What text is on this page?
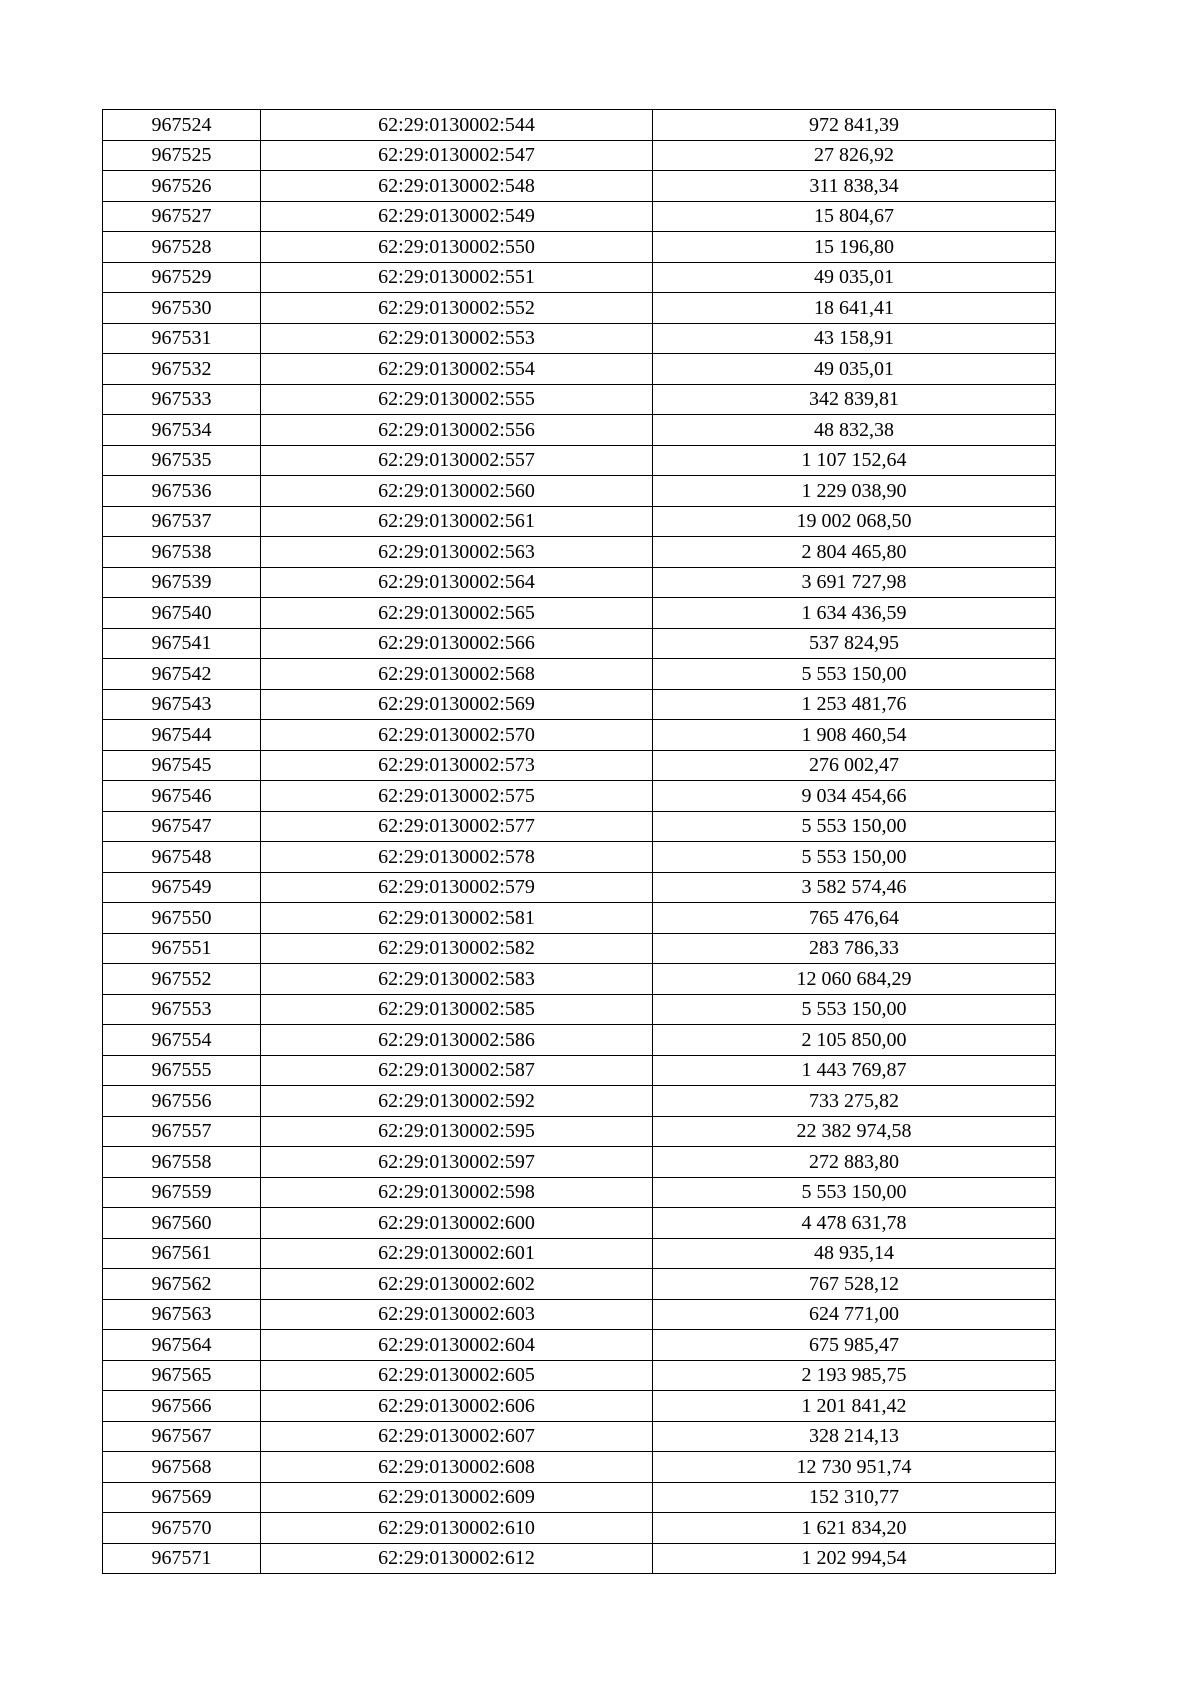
967524	62:29:0130002:544	972 841,39
967525	62:29:0130002:547	27 826,92
967526	62:29:0130002:548	311 838,34
967527	62:29:0130002:549	15 804,67
967528	62:29:0130002:550	15 196,80
967529	62:29:0130002:551	49 035,01
967530	62:29:0130002:552	18 641,41
967531	62:29:0130002:553	43 158,91
967532	62:29:0130002:554	49 035,01
967533	62:29:0130002:555	342 839,81
967534	62:29:0130002:556	48 832,38
967535	62:29:0130002:557	1 107 152,64
967536	62:29:0130002:560	1 229 038,90
967537	62:29:0130002:561	19 002 068,50
967538	62:29:0130002:563	2 804 465,80
967539	62:29:0130002:564	3 691 727,98
967540	62:29:0130002:565	1 634 436,59
967541	62:29:0130002:566	537 824,95
967542	62:29:0130002:568	5 553 150,00
967543	62:29:0130002:569	1 253 481,76
967544	62:29:0130002:570	1 908 460,54
967545	62:29:0130002:573	276 002,47
967546	62:29:0130002:575	9 034 454,66
967547	62:29:0130002:577	5 553 150,00
967548	62:29:0130002:578	5 553 150,00
967549	62:29:0130002:579	3 582 574,46
967550	62:29:0130002:581	765 476,64
967551	62:29:0130002:582	283 786,33
967552	62:29:0130002:583	12 060 684,29
967553	62:29:0130002:585	5 553 150,00
967554	62:29:0130002:586	2 105 850,00
967555	62:29:0130002:587	1 443 769,87
967556	62:29:0130002:592	733 275,82
967557	62:29:0130002:595	22 382 974,58
967558	62:29:0130002:597	272 883,80
967559	62:29:0130002:598	5 553 150,00
967560	62:29:0130002:600	4 478 631,78
967561	62:29:0130002:601	48 935,14
967562	62:29:0130002:602	767 528,12
967563	62:29:0130002:603	624 771,00
967564	62:29:0130002:604	675 985,47
967565	62:29:0130002:605	2 193 985,75
967566	62:29:0130002:606	1 201 841,42
967567	62:29:0130002:607	328 214,13
967568	62:29:0130002:608	12 730 951,74
967569	62:29:0130002:609	152 310,77
967570	62:29:0130002:610	1 621 834,20
967571	62:29:0130002:612	1 202 994,54
